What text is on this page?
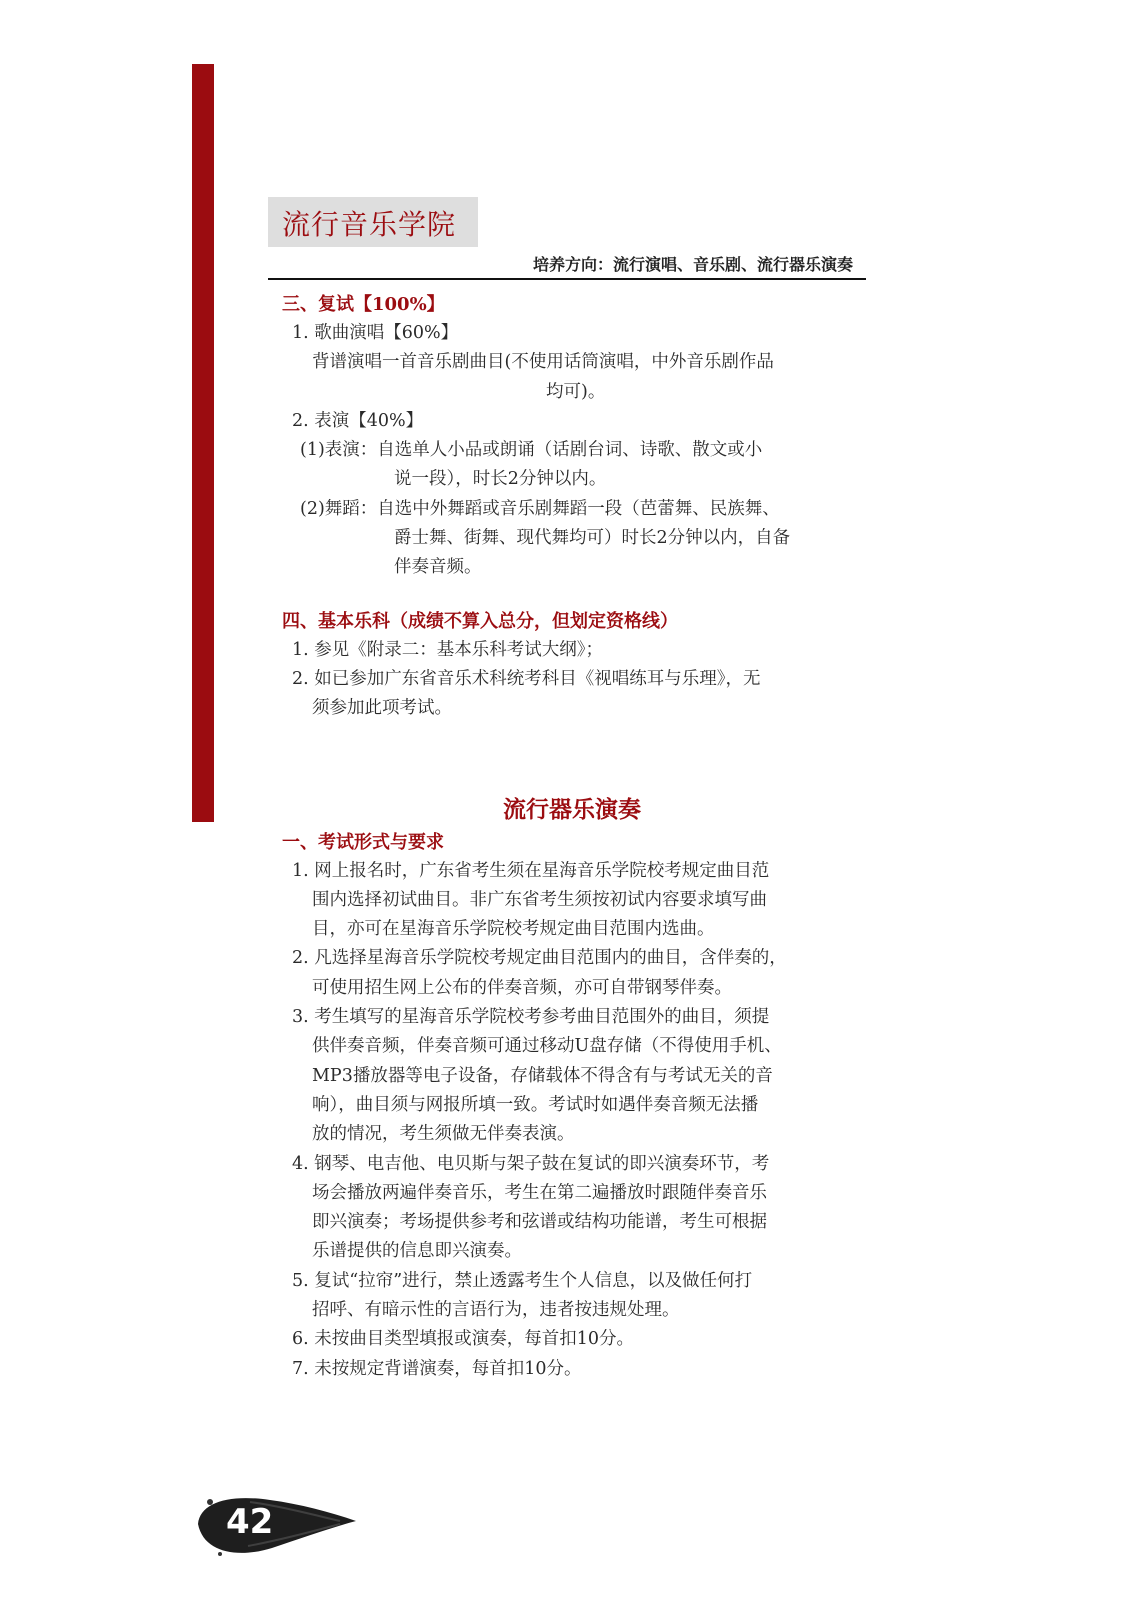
流行音乐学院
培养方向：流行演唱、音乐剧、流行器乐演奏

三、复试【100%】

1. 歌曲演唱【60%】

背谱演唱一首音乐剧曲目(不使用话筒演唱，中外音乐剧作品

均可)。

2. 表演【40%】

(1)表演：自选单人小品或朗诵（话剧台词、诗歌、散文或小

说一段），时长2分钟以内。

(2)舞蹈：自选中外舞蹈或音乐剧舞蹈一段（芭蕾舞、民族舞、

爵士舞、街舞、现代舞均可）时长2分钟以内，自备

伴奏音频。

四、基本乐科（成绩不算入总分，但划定资格线）

1. 参见《附录二：基本乐科考试大纲》；

2. 如已参加广东省音乐术科统考科目《视唱练耳与乐理》，无

须参加此项考试。

流行器乐演奏

一、考试形式与要求

1. 网上报名时，广东省考生须在星海音乐学院校考规定曲目范

围内选择初试曲目。非广东省考生须按初试内容要求填写曲

目，亦可在星海音乐学院校考规定曲目范围内选曲。

2. 凡选择星海音乐学院校考规定曲目范围内的曲目，含伴奏的，

可使用招生网上公布的伴奏音频，亦可自带钢琴伴奏。

3. 考生填写的星海音乐学院校考参考曲目范围外的曲目，须提

供伴奏音频，伴奏音频可通过移动U盘存储（不得使用手机、

MP3播放器等电子设备，存储载体不得含有与考试无关的音

响），曲目须与网报所填一致。考试时如遇伴奏音频无法播

放的情况，考生须做无伴奏表演。

4. 钢琴、电吉他、电贝斯与架子鼓在复试的即兴演奏环节，考

场会播放两遍伴奏音乐，考生在第二遍播放时跟随伴奏音乐

即兴演奏；考场提供参考和弦谱或结构功能谱，考生可根据

乐谱提供的信息即兴演奏。

5. 复试“拉帘”进行，禁止透露考生个人信息，以及做任何打

招呼、有暗示性的言语行为，违者按违规处理。

6. 未按曲目类型填报或演奏，每首扣10分。

7. 未按规定背谱演奏，每首扣10分。

42
